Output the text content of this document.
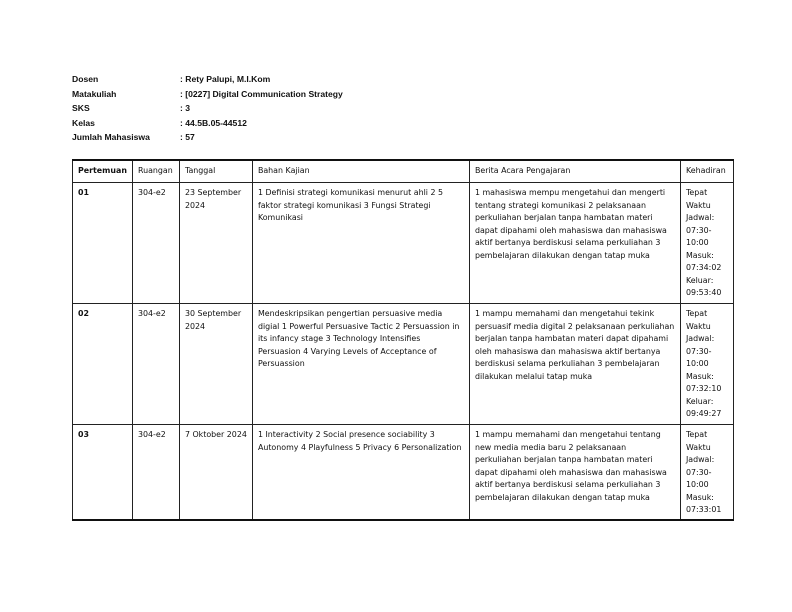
Dosen	: Rety Palupi, M.I.Kom
Matakuliah	: [0227] Digital Communication Strategy
SKS	: 3
Kelas	: 44.5B.05-44512
Jumlah Mahasiswa	: 57
Pertemuan	Ruangan	Tanggal	Bahan Kajian	Berita Acara Pengajaran	Kehadiran
01	304-e2	23 September 2024	1 Definisi strategi komunikasi menurut ahli 2 5 faktor strategi komunikasi 3 Fungsi Strategi Komunikasi	1 mahasiswa mempu mengetahui dan mengerti tentang strategi komunikasi 2 pelaksanaan perkuliahan berjalan tanpa hambatan materi dapat dipahami oleh mahasiswa dan mahasiswa aktif bertanya berdiskusi selama perkuliahan 3 pembelajaran dilakukan dengan tatap muka	Tepat Waktu Jadwal: 07:30-10:00 Masuk: 07:34:02 Keluar: 09:53:40
02	304-e2	30 September 2024	Mendeskripsikan pengertian persuasive media digial 1 Powerful Persuasive Tactic 2 Persuassion in its infancy stage 3 Technology Intensifies Persuasion 4 Varying Levels of Acceptance of Persuassion	1 mampu memahami dan mengetahui tekink persuasif media digital 2 pelaksanaan perkuliahan berjalan tanpa hambatan materi dapat dipahami oleh mahasiswa dan mahasiswa aktif bertanya berdiskusi selama perkuliahan 3 pembelajaran dilakukan melalui tatap muka	Tepat Waktu Jadwal: 07:30-10:00 Masuk: 07:32:10 Keluar: 09:49:27
03	304-e2	7 Oktober 2024	1 Interactivity 2 Social presence sociability 3 Autonomy 4 Playfulness 5 Privacy 6 Personalization	1 mampu memahami dan mengetahui tentang new media media baru 2 pelaksanaan perkuliahan berjalan tanpa hambatan materi dapat dipahami oleh mahasiswa dan mahasiswa aktif bertanya berdiskusi selama perkuliahan 3 pembelajaran dilakukan dengan tatap muka	Tepat Waktu Jadwal: 07:30-10:00 Masuk: 07:33:01
